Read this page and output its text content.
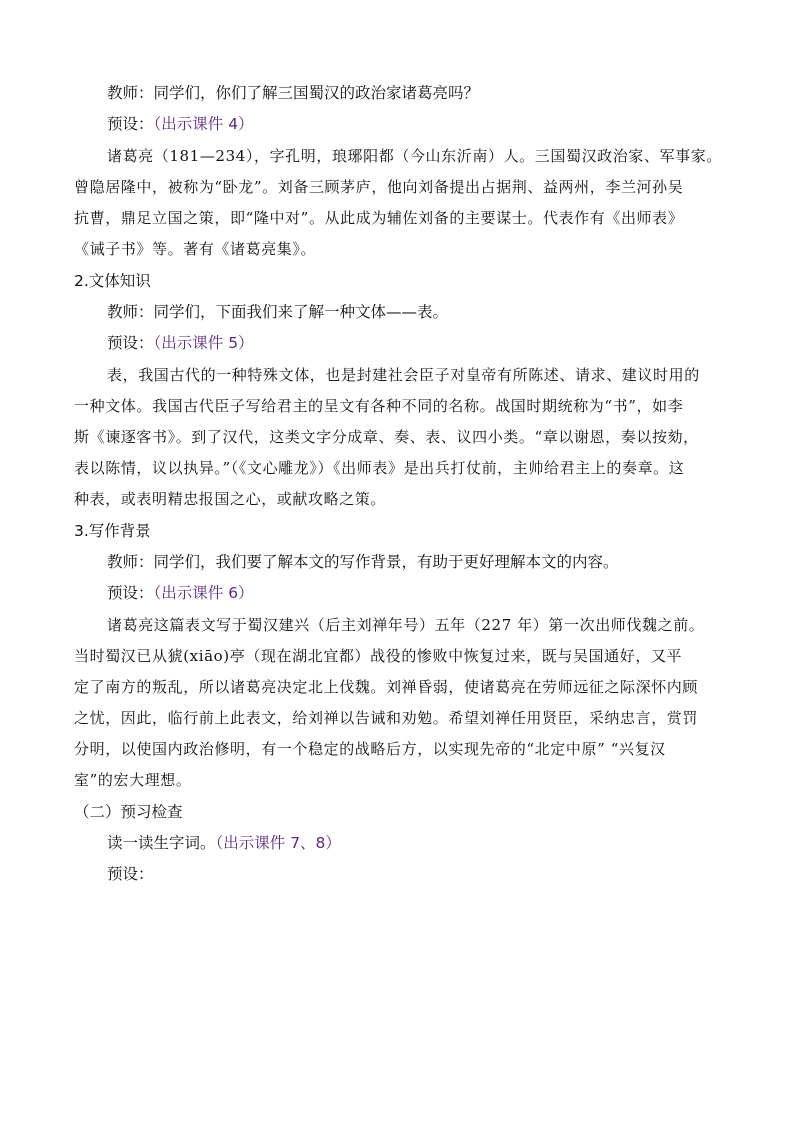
教师：同学们，你们了解三国蜀汉的政治家诸葛亮吗？
预设：（出示课件 4）
诸葛亮（181—234），字孔明，琅琊阳都（今山东沂南）人。三国蜀汉政治家、军事家。
曾隐居隆中，被称为“卧龙”。刘备三顾茅庐，他向刘备提出占据荆、益两州，李兰河孙吴
抗曹，鼎足立国之策，即“隆中对”。从此成为辅佐刘备的主要谋士。代表作有《出师表》
《诫子书》等。著有《诸葛亮集》。
2.文体知识
教师：同学们，下面我们来了解一种文体——表。
预设：（出示课件 5）
表，我国古代的一种特殊文体，也是封建社会臣子对皇帝有所陈述、请求、建议时用的
一种文体。我国古代臣子写给君主的呈文有各种不同的名称。战国时期统称为“书”，如李
斯《谏逐客书》。到了汉代，这类文字分成章、奏、表、议四小类。“章以谢恩，奏以按劾，
表以陈情，议以执异。”（《文心雕龙》）《出师表》是出兵打仗前，主帅给君主上的奏章。这
种表，或表明精忠报国之心，或献攻略之策。
3.写作背景
教师：同学们，我们要了解本文的写作背景，有助于更好理解本文的内容。
预设：（出示课件 6）
诸葛亮这篇表文写于蜀汉建兴（后主刘禅年号）五年（227 年）第一次出师伐魏之前。
当时蜀汉已从猇(xiāo)亭（现在湖北宜都）战役的惨败中恢复过来，既与吴国通好，又平
定了南方的叛乱，所以诸葛亮决定北上伐魏。刘禅昏弱，使诸葛亮在劳师远征之际深怀内顾
之忧，因此，临行前上此表文，给刘禅以告诫和劝勉。希望刘禅任用贤臣，采纳忠言，赏罚
分明，以使国内政治修明，有一个稳定的战略后方，以实现先帝的“北定中原” “兴复汉
室”的宏大理想。
（二）预习检查
读一读生字词。（出示课件 7、8）
预设：
